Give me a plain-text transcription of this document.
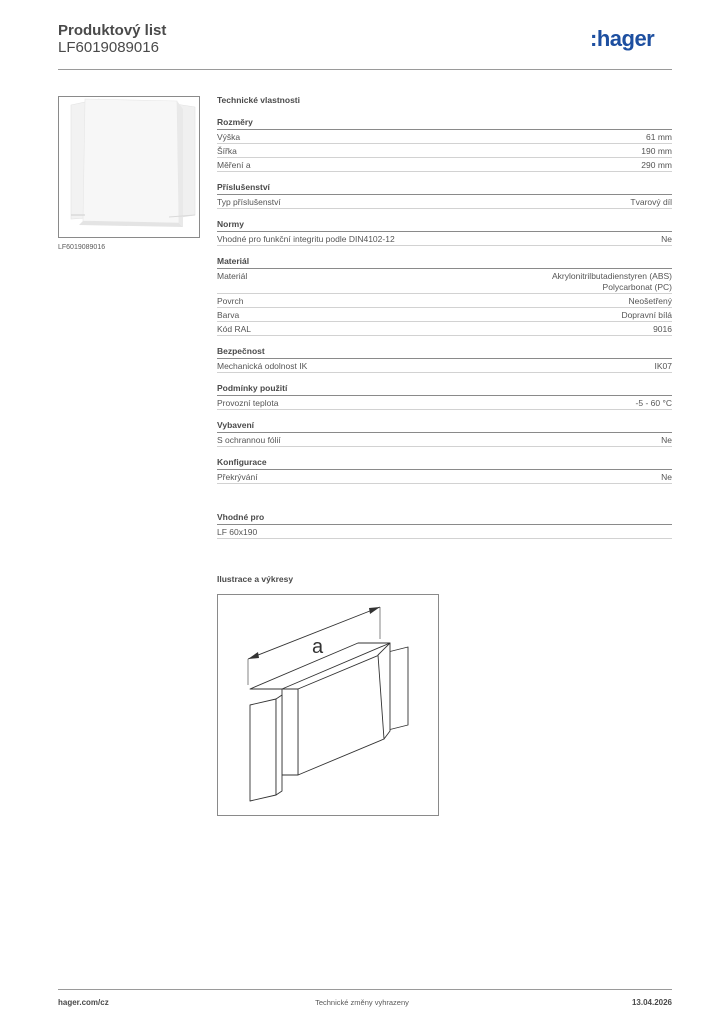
Produktový list
LF6019089016	:hager
LF6019089016
Technické vlastnosti
Rozměry
Výška	61 mm
Šířka	190 mm
Měření a	290 mm
Příslušenství
Typ příslušenství	Tvarový díl
Normy
Vhodné pro funkční integritu podle DIN4102-12	Ne
Materiál
Materiál	Akrylonitrilbutadienstyren (ABS)
Polycarbonat (PC)
Povrch	Neošetřený
Barva	Dopravní bílá
Kód RAL	9016
Bezpečnost
Mechanická odolnost IK	IK07
Podmínky použití
Provozní teplota	-5 - 60 °C
Vybavení
S ochrannou fólií	Ne
Konfigurace
Překrývání	Ne
Vhodné pro
LF 60x190
Ilustrace a výkresy
a
hager.com/cz	Technické změny vyhrazeny	13.04.2026
